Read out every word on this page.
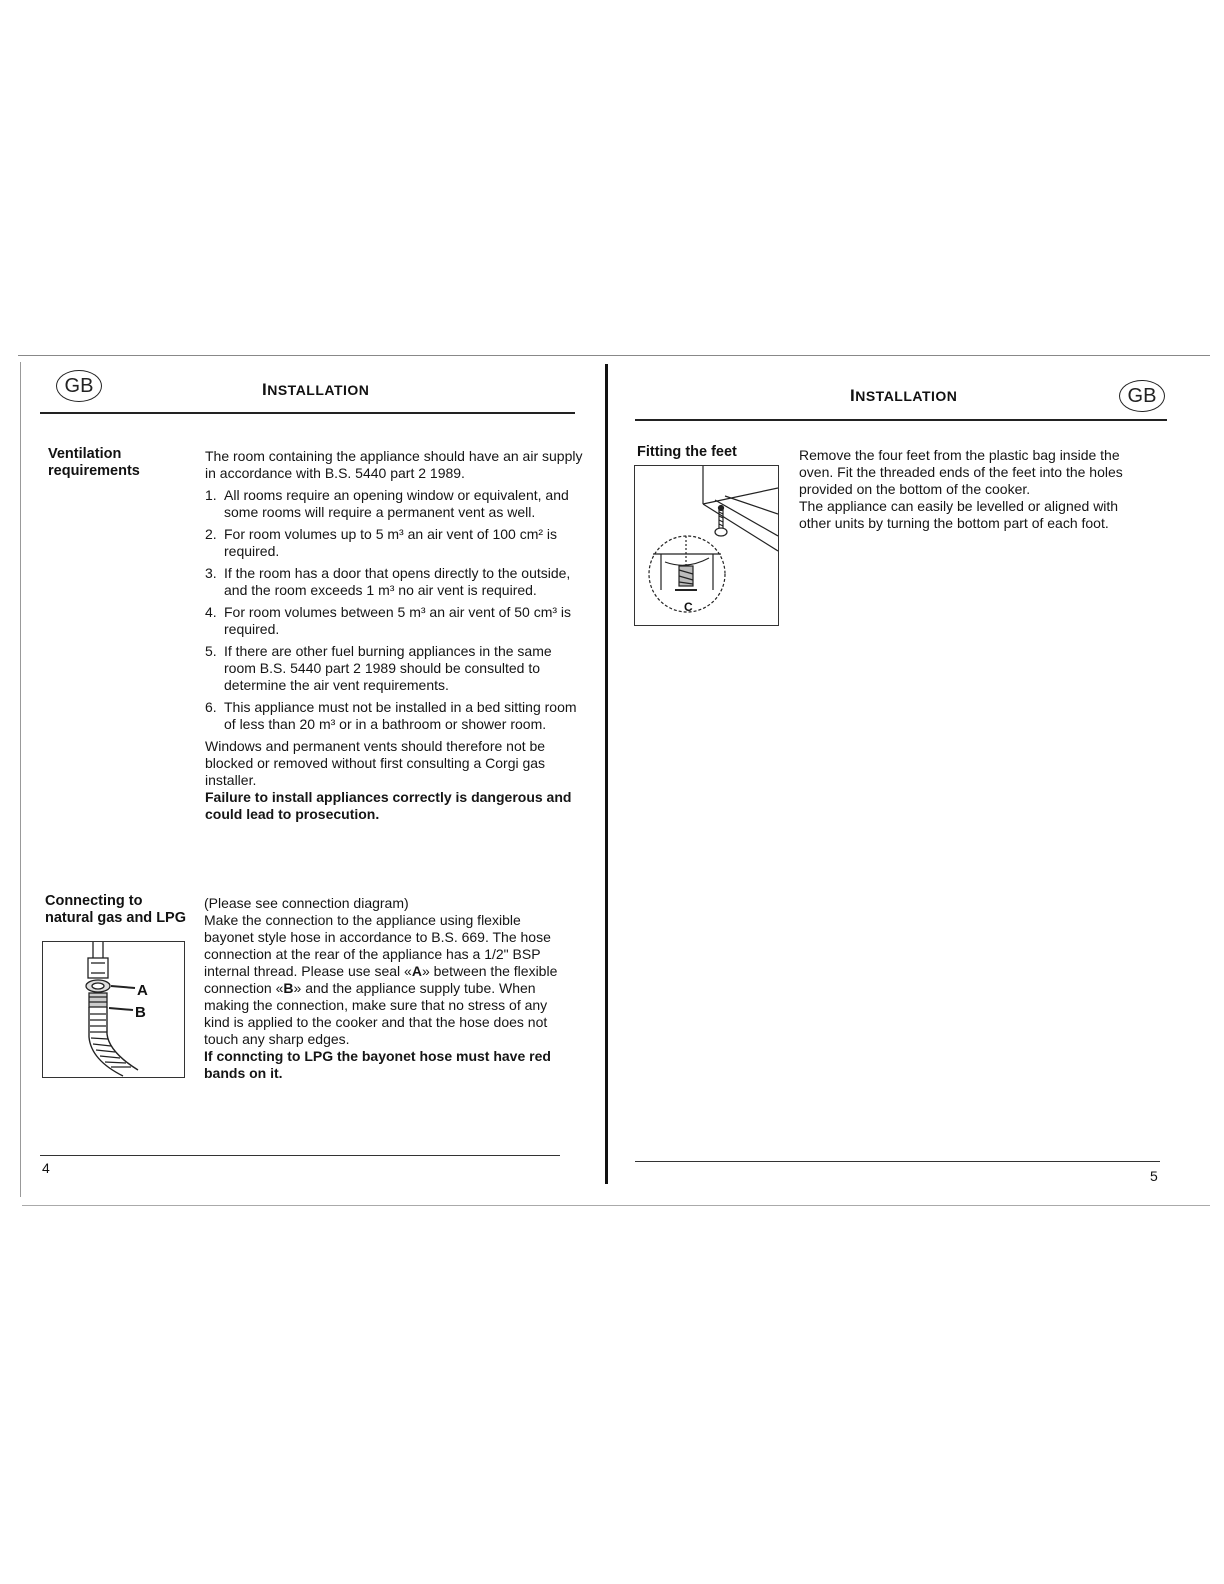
GB	INSTALLATION
Ventilation requirements

The room containing the appliance should have an air supply in accordance with B.S. 5440 part 2 1989.

1. All rooms require an opening window or equivalent, and some rooms will require a permanent vent as well.
2. For room volumes up to 5 m³ an air vent of 100 cm² is required.
3. If the room has a door that opens directly to the outside, and the room exceeds 1 m³ no air vent is required.
4. For room volumes between 5 m³ an air vent of 50 cm³ is required.
5. If there are other fuel burning appliances in the same room B.S. 5440 part 2 1989 should be consulted to determine the air vent requirements.
6. This appliance must not be installed in a bed sitting room of less than 20 m³ or in a bathroom or shower room.

Windows and permanent vents should therefore not be blocked or removed without first consulting a Corgi gas installer.

Failure to install appliances correctly is dangerous and could lead to prosecution.

Connecting to
natural gas and LPG

(Please see connection diagram)

Make the connection to the appliance using flexible bayonet style hose in accordance to B.S. 669. The hose connection at the rear of the appliance has a 1/2" BSP internal thread. Please use seal «A» between the flexible connection «B» and the appliance supply tube. When making the connection, make sure that no stress of any kind is applied to the cooker and that the hose does not touch any sharp edges.

If conncting to LPG the bayonet hose must have red bands on it.

A
B
4
INSTALLATION	GB
Fitting the feet	Remove the four feet from the plastic bag inside the oven. Fit the threaded ends of the feet into the holes provided on the bottom of the cooker.

The appliance can easily be levelled or aligned with other units by turning the bottom part of each foot.

C
5
